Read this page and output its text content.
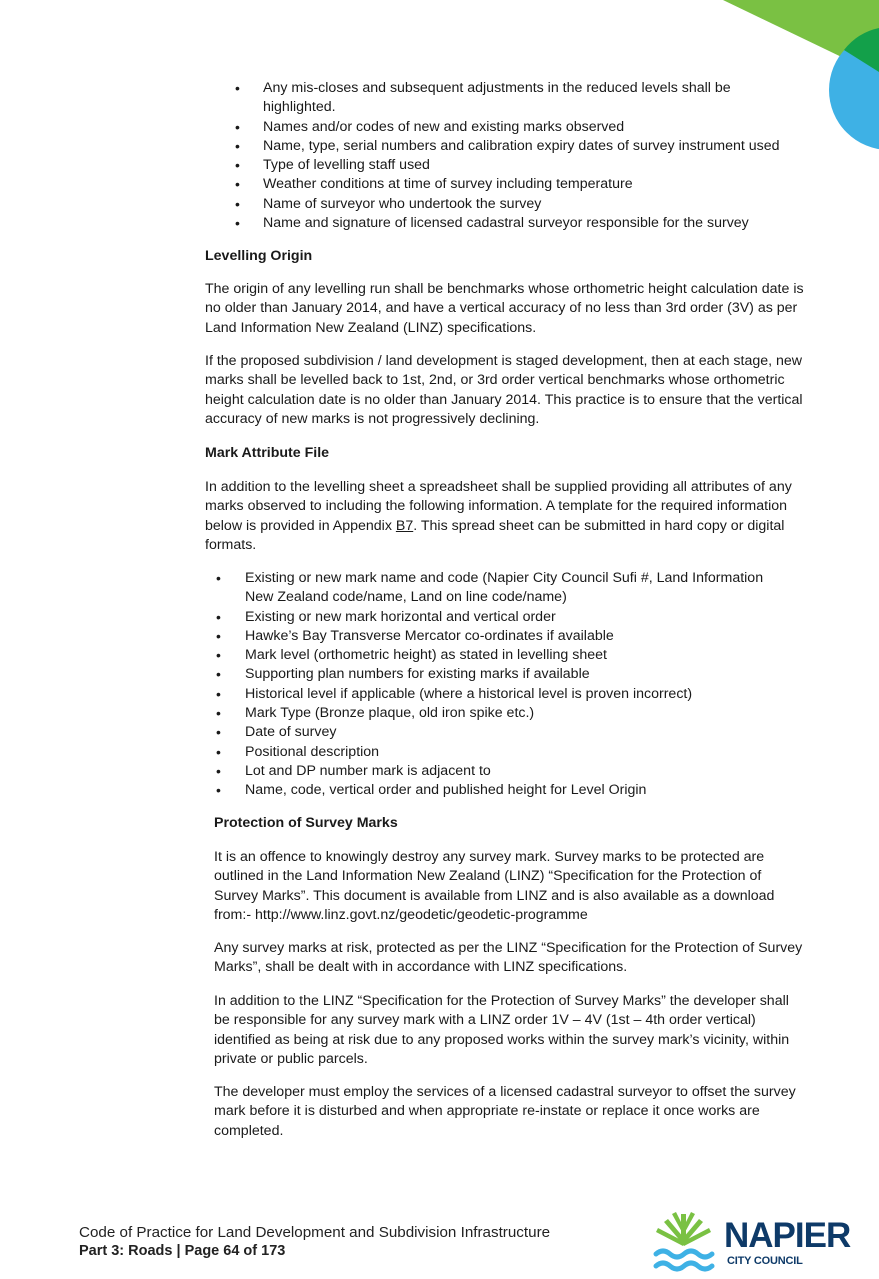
• Any mis-closes and subsequent adjustments in the reduced levels shall be highlighted.
• Names and/or codes of new and existing marks observed
• Name, type, serial numbers and calibration expiry dates of survey instrument used
• Type of levelling staff used
• Weather conditions at time of survey including temperature
• Name of surveyor who undertook the survey
• Name and signature of licensed cadastral surveyor responsible for the survey
Levelling Origin

The origin of any levelling run shall be benchmarks whose orthometric height calculation date is no older than January 2014, and have a vertical accuracy of no less than 3rd order (3V) as per Land Information New Zealand (LINZ) specifications.

If the proposed subdivision / land development is staged development, then at each stage, new marks shall be levelled back to 1st, 2nd, or 3rd order vertical benchmarks whose orthometric height calculation date is no older than January 2014. This practice is to ensure that the vertical accuracy of new marks is not progressively declining.

Mark Attribute File

In addition to the levelling sheet a spreadsheet shall be supplied providing all attributes of any marks observed to including the following information. A template for the required information below is provided in Appendix B7. This spread sheet can be submitted in hard copy or digital formats.

• Existing or new mark name and code (Napier City Council Sufi #, Land Information New Zealand code/name, Land on line code/name)
• Existing or new mark horizontal and vertical order
• Hawke’s Bay Transverse Mercator co-ordinates if available
• Mark level (orthometric height) as stated in levelling sheet
• Supporting plan numbers for existing marks if available
• Historical level if applicable (where a historical level is proven incorrect)
• Mark Type (Bronze plaque, old iron spike etc.)
• Date of survey
• Positional description
• Lot and DP number mark is adjacent to
• Name, code, vertical order and published height for Level Origin
Protection of Survey Marks

It is an offence to knowingly destroy any survey mark. Survey marks to be protected are outlined in the Land Information New Zealand (LINZ) “Specification for the Protection of Survey Marks”. This document is available from LINZ and is also available as a download from:- http://www.linz.govt.nz/geodetic/geodetic-programme

Any survey marks at risk, protected as per the LINZ “Specification for the Protection of Survey Marks”, shall be dealt with in accordance with LINZ specifications.

In addition to the LINZ “Specification for the Protection of Survey Marks” the developer shall be responsible for any survey mark with a LINZ order 1V – 4V (1st – 4th order vertical) identified as being at risk due to any proposed works within the survey mark’s vicinity, within private or public parcels.

The developer must employ the services of a licensed cadastral surveyor to offset the survey mark before it is disturbed and when appropriate re-instate or replace it once works are completed.

Code of Practice for Land Development and Subdivision Infrastructure
Part 3: Roads | Page 64 of 173	NAPIER
CITY COUNCIL
